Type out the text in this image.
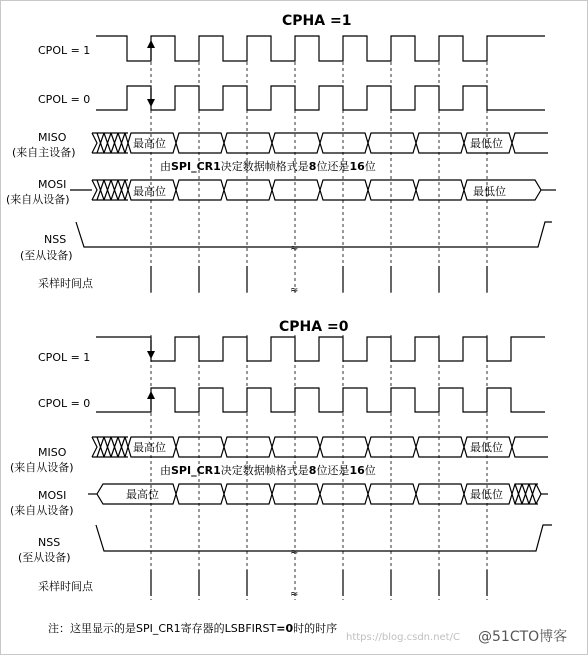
CPHA =1
CPOL = 1
CPOL = 0
MISO
(来自主设备)
MOSI
(来自从设备)
NSS
(至从设备)
采样时间点
最高位	最低位
由SPI_CR1决定数据帧格式是8位还是16位
最高位	最低位
≈
≈
CPHA =0
CPOL = 1
CPOL = 0
MISO
(来自从设备)
MOSI
(来自从设备)
NSS
(至从设备)
采样时间点
最高位	最低位
由SPI_CR1决定数据帧格式是8位还是16位
最高位	最低位
≈
≈
注：这里显示的是SPI_CR1寄存器的LSBFIRST=0时的时序
https://blog.csdn.net/C @51CTO博客
